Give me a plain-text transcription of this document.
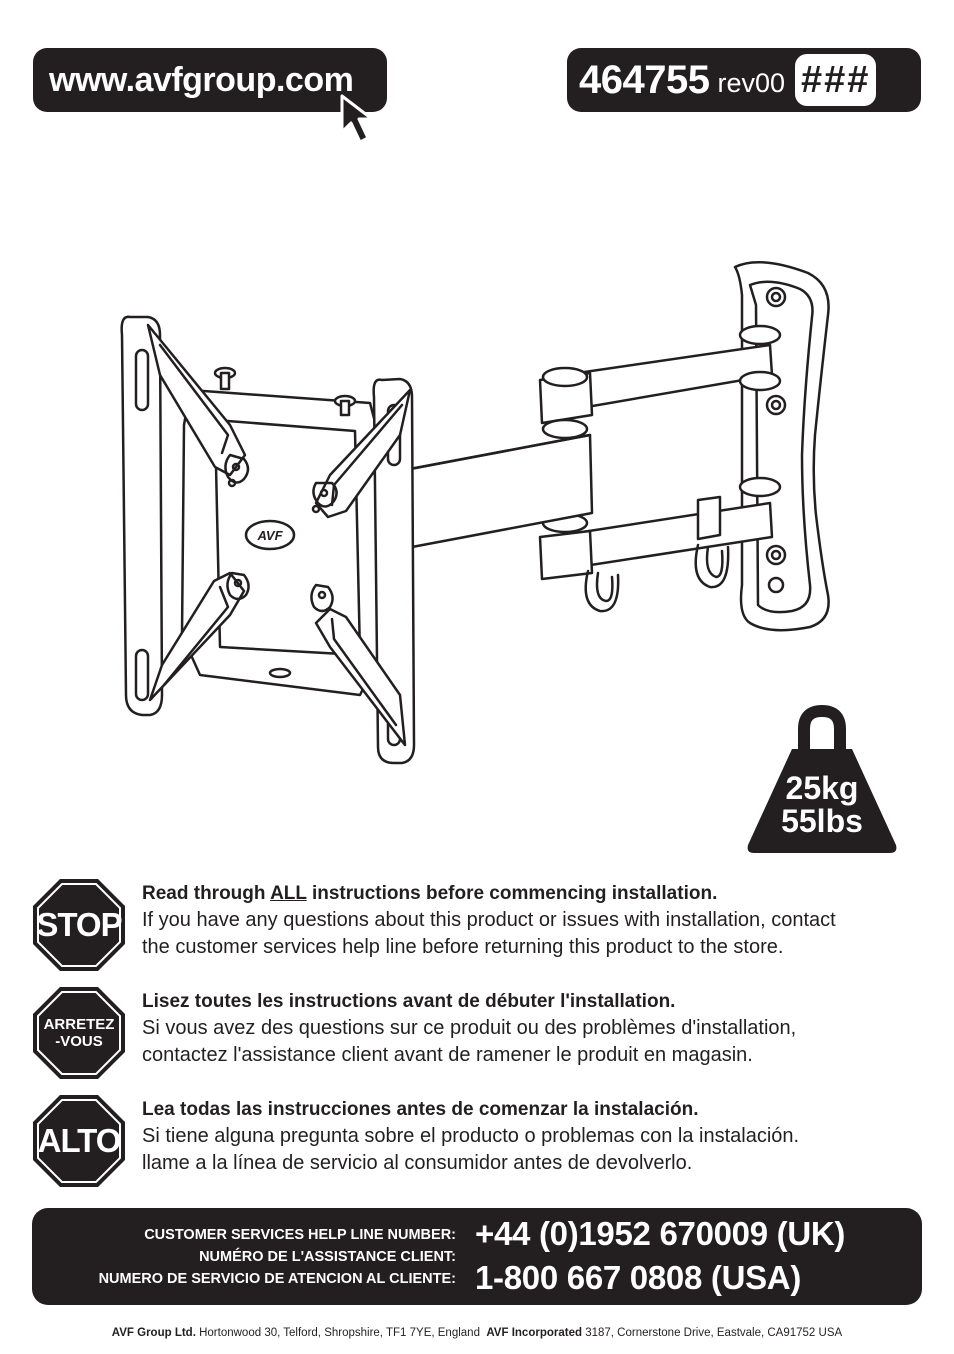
www.avfgroup.com	464755 rev00 ###
AVF
25kg
55lbs
STOP
Read through ALL instructions before commencing installation.
If you have any questions about this product or issues with installation, contact
the customer services help line before returning this product to the store.
ARRETEZ
-VOUS
Lisez toutes les instructions avant de débuter l'installation.
Si vous avez des questions sur ce produit ou des problèmes d'installation,
contactez l'assistance client avant de ramener le produit en magasin.
ALTO
Lea todas las instrucciones antes de comenzar la instalación.
Si tiene alguna pregunta sobre el producto o problemas con la instalación.
llame a la línea de servicio al consumidor antes de devolverlo.
CUSTOMER SERVICES HELP LINE NUMBER:
NUMÉRO DE L'ASSISTANCE CLIENT:
NUMERO DE SERVICIO DE ATENCION AL CLIENTE:
+44 (0)1952 670009 (UK)
1-800 667 0808 (USA)
AVF Group Ltd. Hortonwood 30, Telford, Shropshire, TF1 7YE, England AVF Incorporated 3187, Cornerstone Drive, Eastvale, CA91752 USA
